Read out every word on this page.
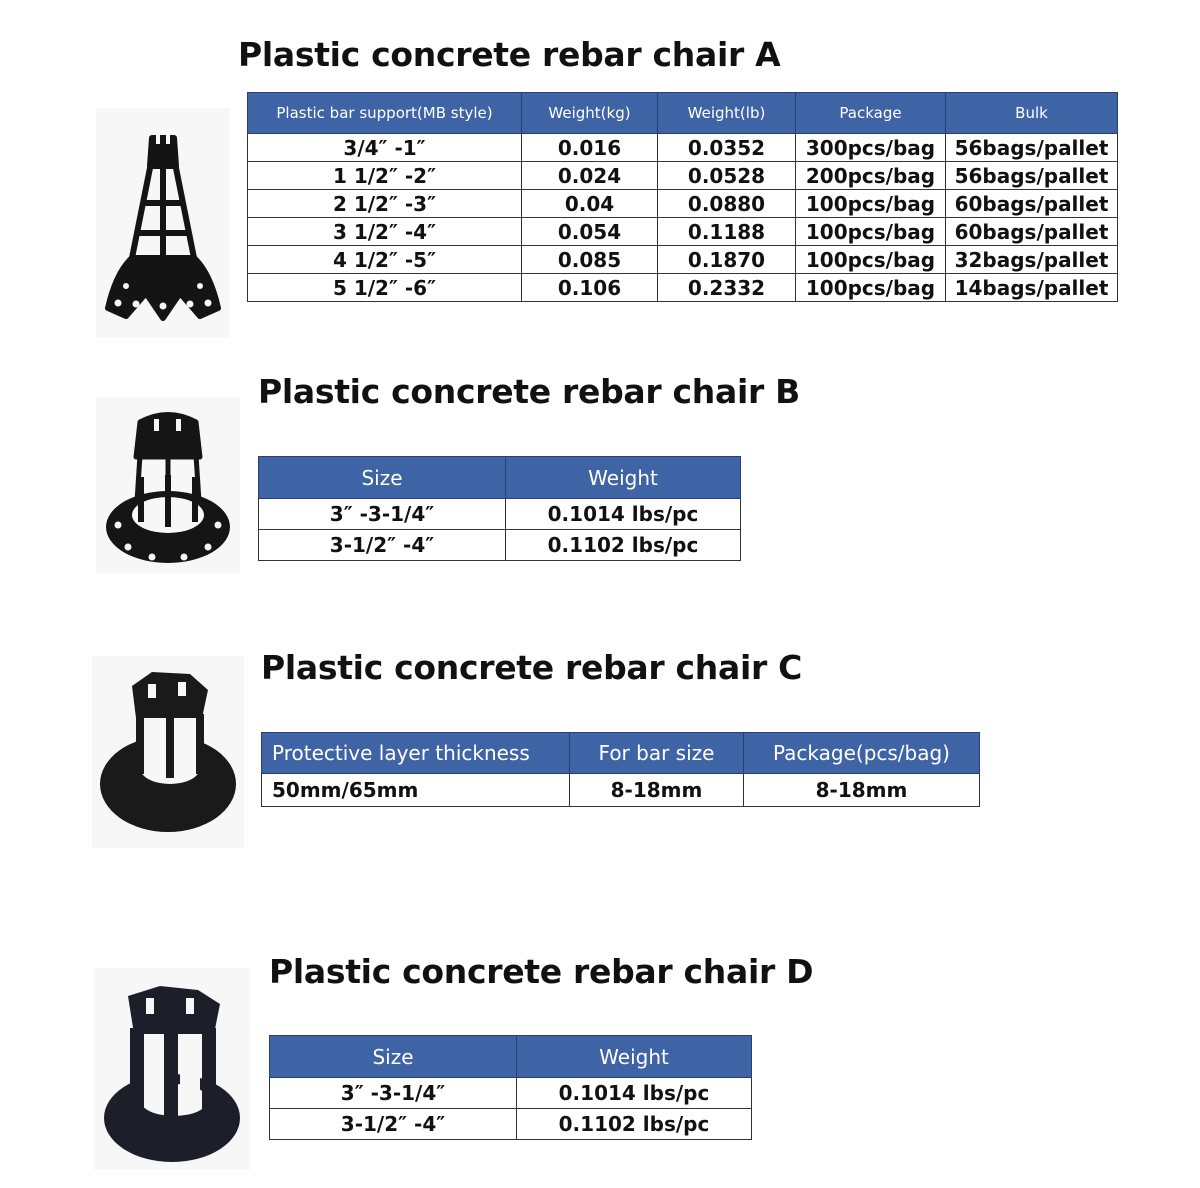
Plastic concrete rebar chair A
Plastic bar support(MB style)	Weight(kg)	Weight(lb)	Package	Bulk
3/4″ -1″	0.016	0.0352	300pcs/bag	56bags/pallet
1 1/2″ -2″	0.024	0.0528	200pcs/bag	56bags/pallet
2 1/2″ -3″	0.04	0.0880	100pcs/bag	60bags/pallet
3 1/2″ -4″	0.054	0.1188	100pcs/bag	60bags/pallet
4 1/2″ -5″	0.085	0.1870	100pcs/bag	32bags/pallet
5 1/2″ -6″	0.106	0.2332	100pcs/bag	14bags/pallet
Plastic concrete rebar chair B
Size	Weight
3″ -3-1/4″	0.1014 lbs/pc
3-1/2″ -4″	0.1102 lbs/pc
Plastic concrete rebar chair C
Protective layer thickness	For bar size	Package(pcs/bag)
50mm/65mm	8-18mm	8-18mm
Plastic concrete rebar chair D
Size	Weight
3″ -3-1/4″	0.1014 lbs/pc
3-1/2″ -4″	0.1102 lbs/pc
